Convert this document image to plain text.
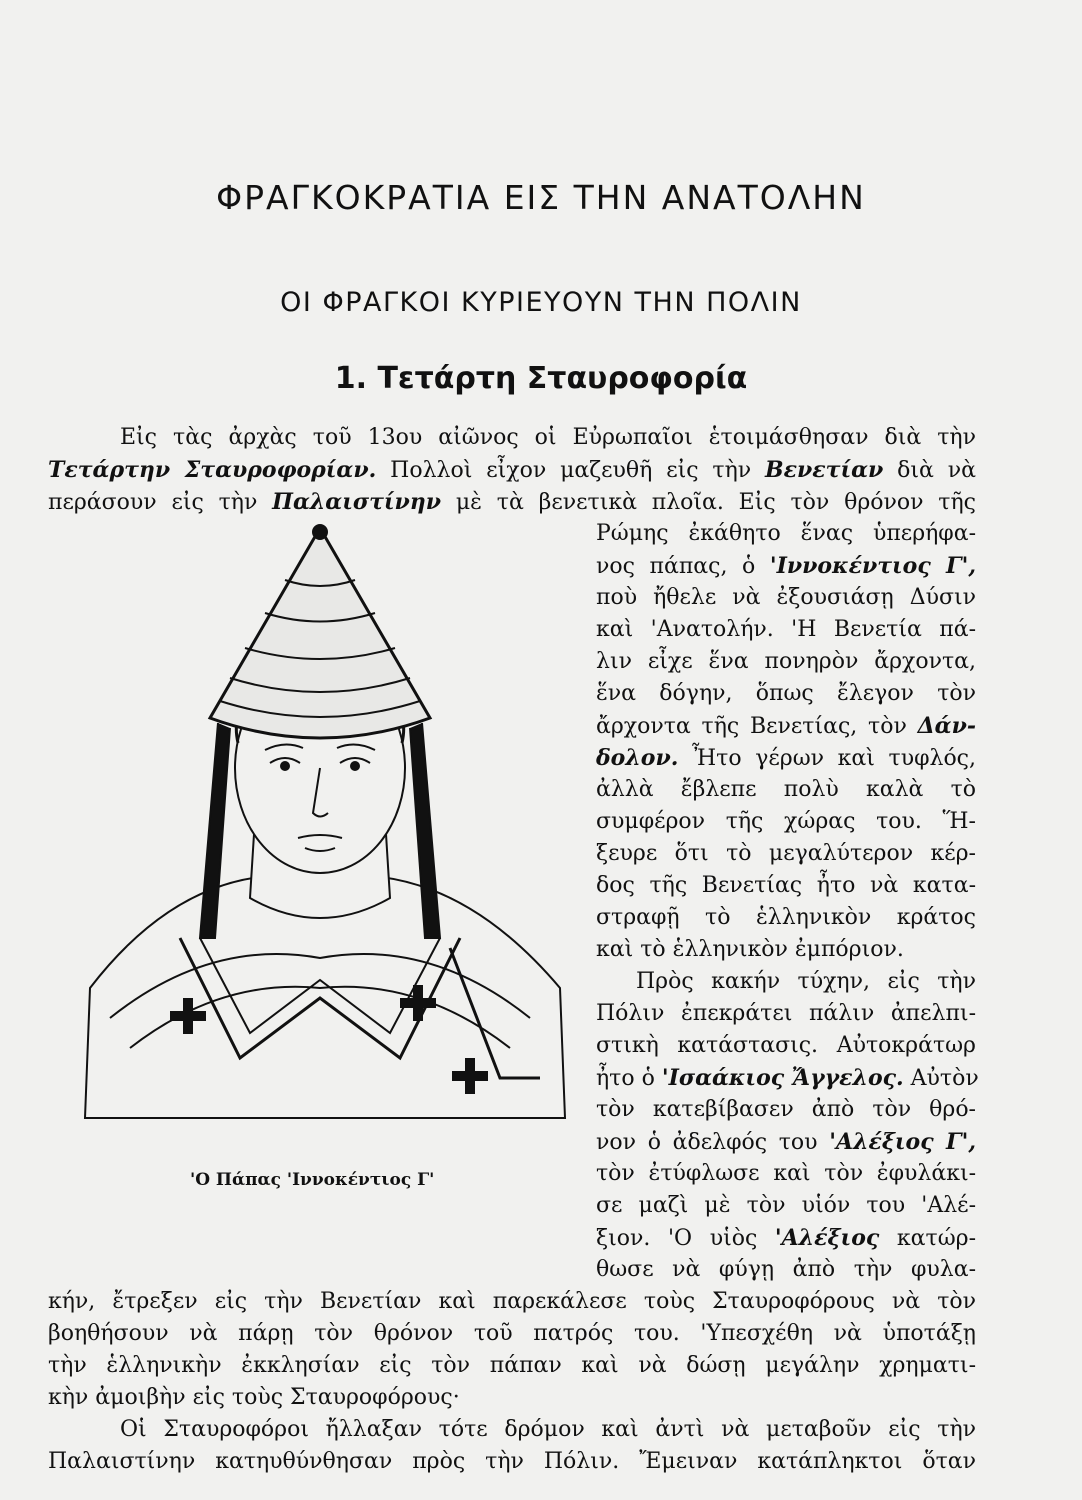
ΦΡΑΓΚΟΚΡΑΤΙΑ ΕΙΣ ΤΗΝ ΑΝΑΤΟΛΗΝ
ΟΙ ΦΡΑΓΚΟΙ ΚΥΡΙΕΥΟΥΝ ΤΗΝ ΠΟΛΙΝ
1. Τετάρτη Σταυροφορία
Εἰς τὰς ἀρχὰς τοῦ 13ου αἰῶνος οἱ Εὐρωπαῖοι ἑτοιμάσθησαν διὰ τὴν
Τετάρτην Σταυροφορίαν. Πολλοὶ εἶχον μαζευθῆ εἰς τὴν Βενετίαν διὰ νὰ
περάσουν εἰς τὴν Παλαιστίνην μὲ τὰ βενετικὰ πλοῖα. Εἰς τὸν θρόνον τῆς
Ρώμης ἐκάθητο ἕνας ὑπερήφα-
νος πάπας, ὁ 'Ιννοκέντιος Γ',
ποὺ ἤθελε νὰ ἐξουσιάσῃ Δύσιν
καὶ 'Ανατολήν. 'Η Βενετία πά-
λιν εἶχε ἕνα πονηρὸν ἄρχοντα,
ἕνα δόγην, ὅπως ἔλεγον τὸν
ἄρχοντα τῆς Βενετίας, τὸν Δάν-
δολον. Ἦτο γέρων καὶ τυφλός,
ἀλλὰ ἔβλεπε πολὺ καλὰ τὸ
συμφέρον τῆς χώρας του. Ἥ-
ξευρε ὅτι τὸ μεγαλύτερον κέρ-
δος τῆς Βενετίας ἦτο νὰ κατα-
στραφῇ τὸ ἑλληνικὸν κράτος
καὶ τὸ ἑλληνικὸν ἐμπόριον.
Πρὸς κακήν τύχην, εἰς τὴν
Πόλιν ἐπεκράτει πάλιν ἀπελπι-
στικὴ κατάστασις. Αὐτοκράτωρ
ἦτο ὁ 'Ισαάκιος Ἄγγελος. Αὐτὸν
τὸν κατεβίβασεν ἀπὸ τὸν θρό-
νον ὁ ἀδελφός του 'Αλέξιος Γ',
τὸν ἐτύφλωσε καὶ τὸν ἐφυλάκι-
σε μαζὶ μὲ τὸν υἱόν του 'Αλέ-
ξιον. 'Ο υἱὸς 'Αλέξιος κατώρ-
θωσε νὰ φύγῃ ἀπὸ τὴν φυλα-
κήν, ἔτρεξεν εἰς τὴν Βενετίαν καὶ παρεκάλεσε τοὺς Σταυροφόρους νὰ τὸν
βοηθήσουν νὰ πάρῃ τὸν θρόνον τοῦ πατρός του. 'Υπεσχέθη νὰ ὑποτάξῃ
τὴν ἑλληνικὴν ἐκκλησίαν εἰς τὸν πάπαν καὶ νὰ δώσῃ μεγάλην χρηματι-
κὴν ἀμοιβὴν εἰς τοὺς Σταυροφόρους·
Οἱ Σταυροφόροι ἤλλαξαν τότε δρόμον καὶ ἀντὶ νὰ μεταβοῦν εἰς τὴν
Παλαιστίνην κατηυθύνθησαν πρὸς τὴν Πόλιν. Ἔμειναν κατάπληκτοι ὅταν
'Ο Πάπας 'Ιννοκέντιος Γ'
